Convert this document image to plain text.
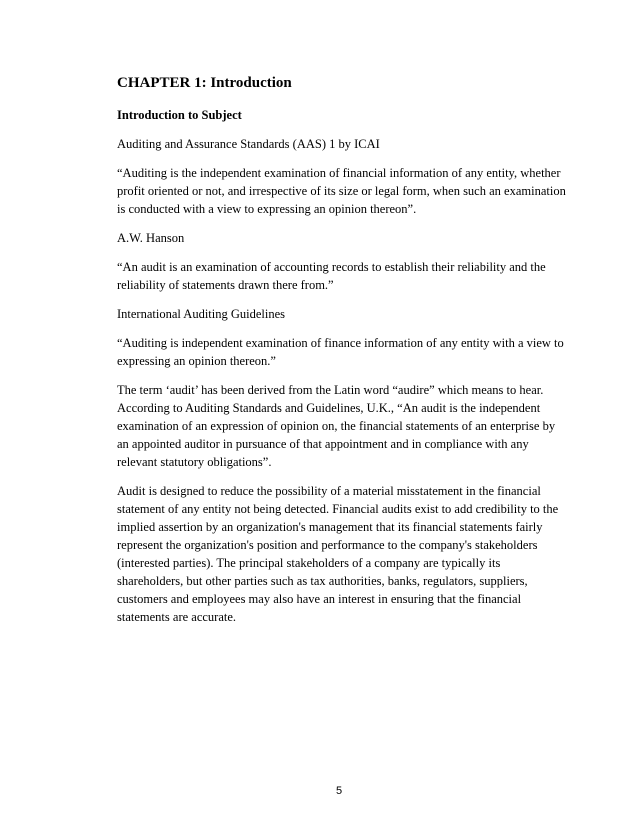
CHAPTER 1: Introduction
Introduction to Subject
Auditing and Assurance Standards (AAS) 1 by ICAI
“Auditing is the independent examination of financial information of any entity, whether
profit oriented or not, and irrespective of its size or legal form, when such an examination
is conducted with a view to expressing an opinion thereon”.
A.W. Hanson
“An audit is an examination of accounting records to establish their reliability and the
reliability of statements drawn there from.”
International Auditing Guidelines
“Auditing is independent examination of finance information of any entity with a view to
expressing an opinion thereon.”
The term ‘audit’ has been derived from the Latin word “audire” which means to hear.
According to Auditing Standards and Guidelines, U.K., “An audit is the independent
examination of an expression of opinion on, the financial statements of an enterprise by
an appointed auditor in pursuance of that appointment and in compliance with any
relevant statutory obligations”.
Audit is designed to reduce the possibility of a material misstatement in the financial
statement of any entity not being detected. Financial audits exist to add credibility to the
implied assertion by an organization's management that its financial statements fairly
represent the organization's position and performance to the company's stakeholders
(interested parties). The principal stakeholders of a company are typically its
shareholders, but other parties such as tax authorities, banks, regulators, suppliers,
customers and employees may also have an interest in ensuring that the financial
statements are accurate.
5
